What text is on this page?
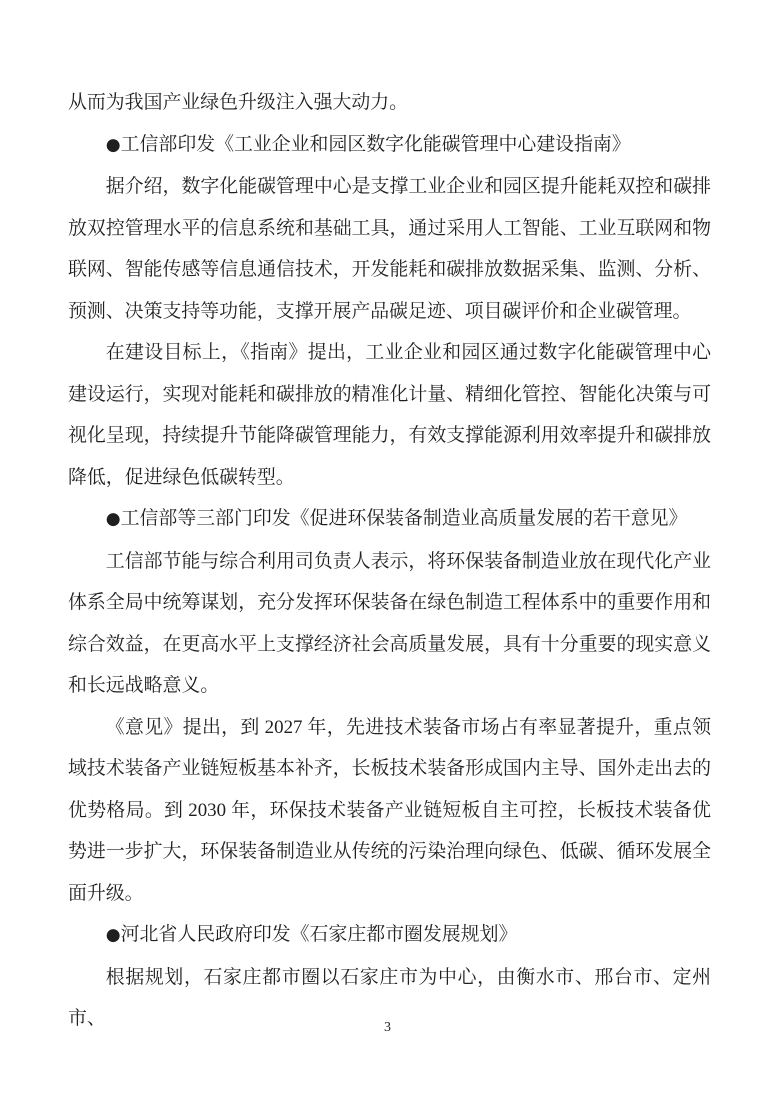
从而为我国产业绿色升级注入强大动力。

●工信部印发《工业企业和园区数字化能碳管理中心建设指南》

据介绍，数字化能碳管理中心是支撑工业企业和园区提升能耗双控和碳排放双控管理水平的信息系统和基础工具，通过采用人工智能、工业互联网和物联网、智能传感等信息通信技术，开发能耗和碳排放数据采集、监测、分析、预测、决策支持等功能，支撑开展产品碳足迹、项目碳评价和企业碳管理。

在建设目标上，《指南》提出，工业企业和园区通过数字化能碳管理中心建设运行，实现对能耗和碳排放的精准化计量、精细化管控、智能化决策与可视化呈现，持续提升节能降碳管理能力，有效支撑能源利用效率提升和碳排放降低，促进绿色低碳转型。

●工信部等三部门印发《促进环保装备制造业高质量发展的若干意见》

工信部节能与综合利用司负责人表示，将环保装备制造业放在现代化产业体系全局中统筹谋划，充分发挥环保装备在绿色制造工程体系中的重要作用和综合效益，在更高水平上支撑经济社会高质量发展，具有十分重要的现实意义和长远战略意义。

《意见》提出，到 2027 年，先进技术装备市场占有率显著提升，重点领域技术装备产业链短板基本补齐，长板技术装备形成国内主导、国外走出去的优势格局。到 2030 年，环保技术装备产业链短板自主可控，长板技术装备优势进一步扩大，环保装备制造业从传统的污染治理向绿色、低碳、循环发展全面升级。

●河北省人民政府印发《石家庄都市圈发展规划》

根据规划，石家庄都市圈以石家庄市为中心，由衡水市、邢台市、定州市、	3
